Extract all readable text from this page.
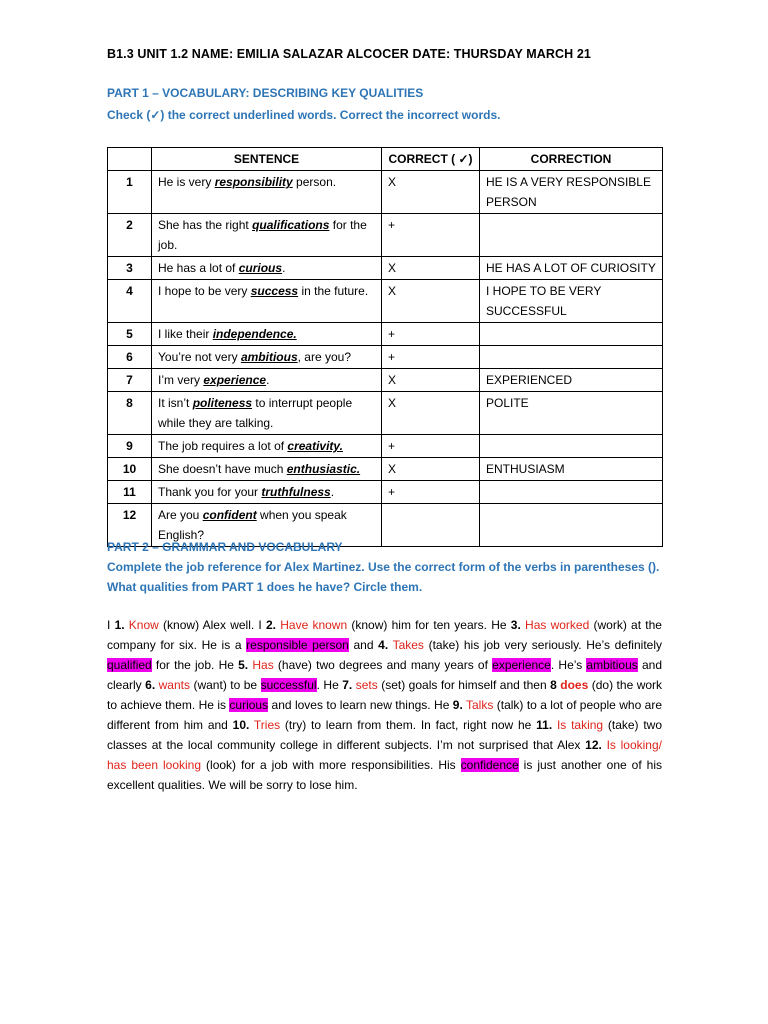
B1.3 UNIT 1.2 NAME: EMILIA SALAZAR ALCOCER DATE: THURSDAY MARCH 21
PART 1 – VOCABULARY: DESCRIBING KEY QUALITIES
Check (✓) the correct underlined words. Correct the incorrect words.
	SENTENCE	CORRECT ( ✓)	CORRECTION
1	He is very responsibility person.	X	HE IS A VERY RESPONSIBLE PERSON
2	She has the right qualifications for the job.	+	
3	He has a lot of curious.	X	HE HAS A LOT OF CURIOSITY
4	I hope to be very success in the future.	X	I HOPE TO BE VERY SUCCESSFUL
5	I like their independence.	+	
6	You’re not very ambitious, are you?	+	
7	I’m very experience.	X	EXPERIENCED
8	It isn’t politeness to interrupt people while they are talking.	X	POLITE
9	The job requires a lot of creativity.	+	
10	She doesn’t have much enthusiastic.	X	ENTHUSIASM
11	Thank you for your truthfulness.	+	
12	Are you confident when you speak English?		
PART 2 – GRAMMAR AND VOCABULARY
Complete the job reference for Alex Martinez. Use the correct form of the verbs in parentheses (). What qualities from PART 1 does he have? Circle them.
I 1. Know (know) Alex well. I 2. Have known (know) him for ten years. He 3. Has worked (work) at the company for six. He is a responsible person and 4. Takes (take) his job very seriously. He’s definitely qualified for the job. He 5. Has (have) two degrees and many years of experience. He’s ambitious and clearly 6. wants (want) to be successful. He 7. sets (set) goals for himself and then 8 does (do) the work to achieve them. He is curious and loves to learn new things. He 9. Talks (talk) to a lot of people who are different from him and 10. Tries (try) to learn from them. In fact, right now he 11. Is taking (take) two classes at the local community college in different subjects. I’m not surprised that Alex 12. Is looking/ has been looking (look) for a job with more responsibilities. His confidence is just another one of his excellent qualities. We will be sorry to lose him.
